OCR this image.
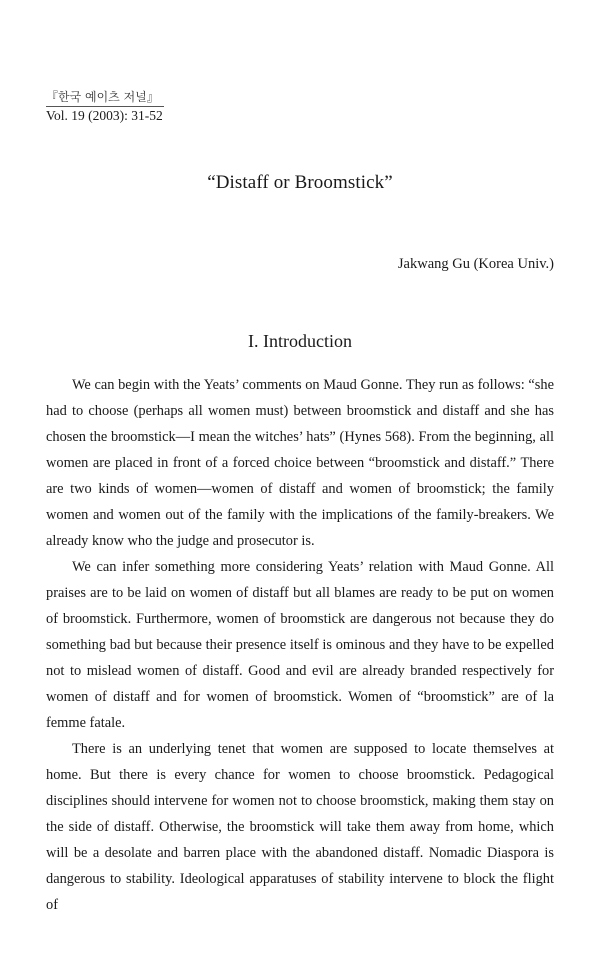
『한국 예이츠 저널』
Vol. 19 (2003): 31-52
“Distaff or Broomstick”
Jakwang Gu (Korea Univ.)
I. Introduction

We can begin with the Yeats’ comments on Maud Gonne. They run as follows: “she had to choose (perhaps all women must) between broomstick and distaff and she has chosen the broomstick—I mean the witches’ hats” (Hynes 568). From the beginning, all women are placed in front of a forced choice between “broomstick and distaff.” There are two kinds of women—women of distaff and women of broomstick; the family women and women out of the family with the implications of the family-breakers. We already know who the judge and prosecutor is.

We can infer something more considering Yeats’ relation with Maud Gonne. All praises are to be laid on women of distaff but all blames are ready to be put on women of broomstick. Furthermore, women of broomstick are dangerous not because they do something bad but because their presence itself is ominous and they have to be expelled not to mislead women of distaff. Good and evil are already branded respectively for women of distaff and for women of broomstick. Women of “broomstick” are of la femme fatale.

There is an underlying tenet that women are supposed to locate themselves at home. But there is every chance for women to choose broomstick. Pedagogical disciplines should intervene for women not to choose broomstick, making them stay on the side of distaff. Otherwise, the broomstick will take them away from home, which will be a desolate and barren place with the abandoned distaff. Nomadic Diaspora is dangerous to stability. Ideological apparatuses of stability intervene to block the flight of
